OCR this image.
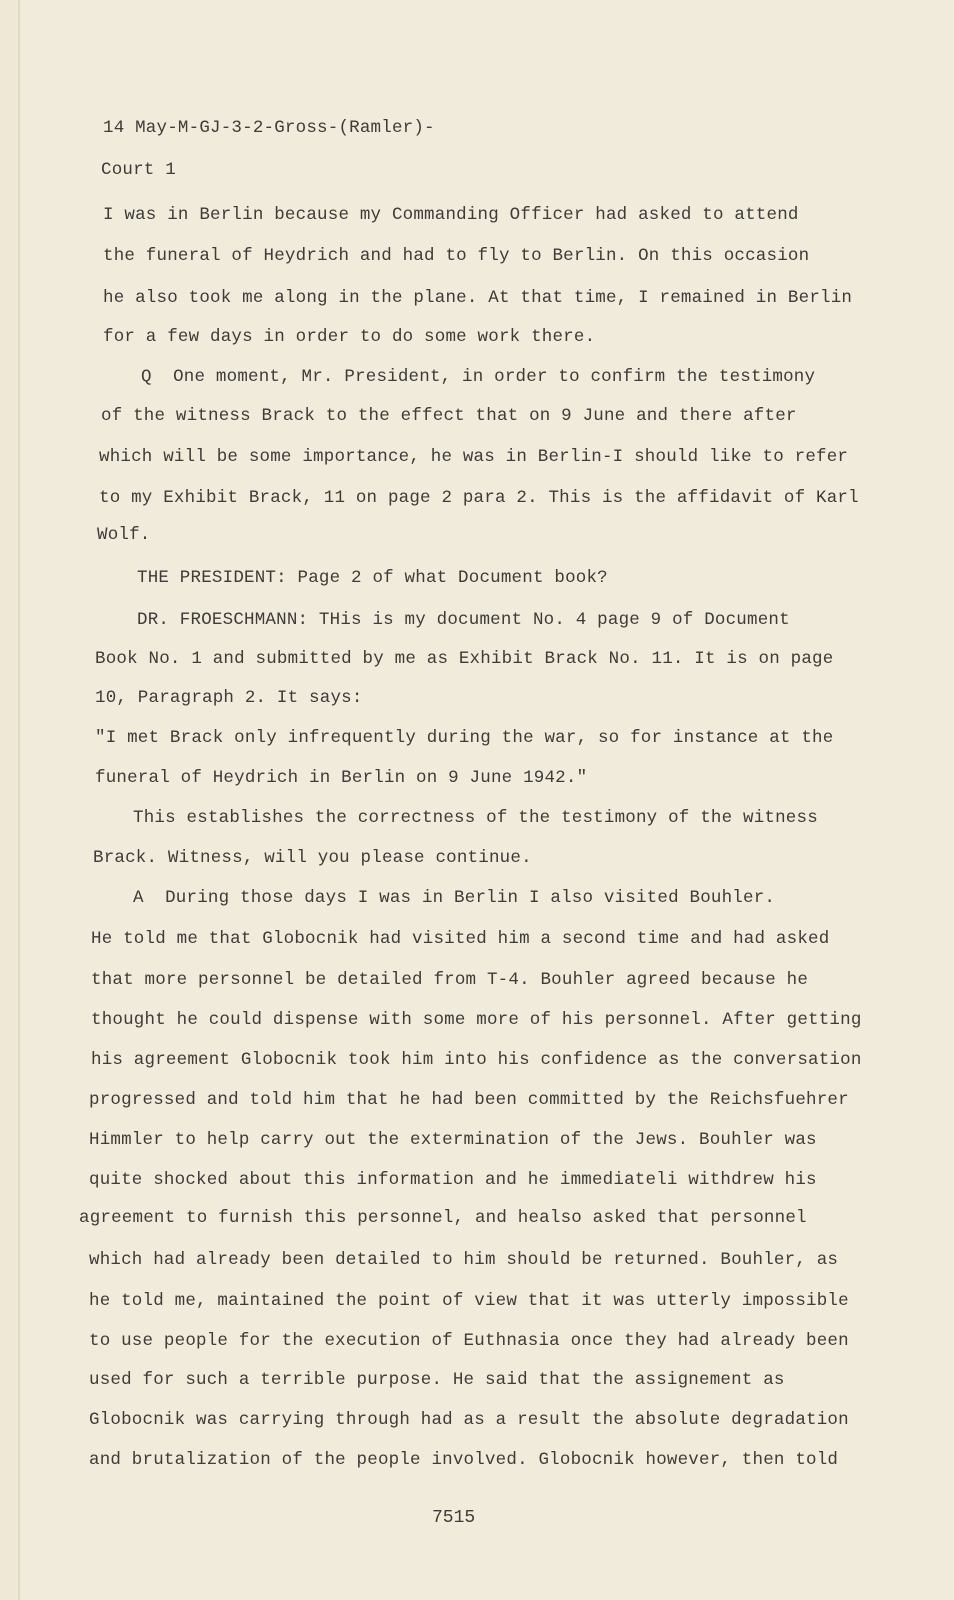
14 May-M-GJ-3-2-Gross-(Ramler)-
Court 1
I was in Berlin because my Commanding Officer had asked to attend
the funeral of Heydrich and had to fly to Berlin. On this occasion
he also took me along in the plane. At that time, I remained in Berlin
for a few days in order to do some work there.
Q  One moment, Mr. President, in order to confirm the testimony
of the witness Brack to the effect that on 9 June and there after
which will be some importance, he was in Berlin-I should like to refer
to my Exhibit Brack, 11 on page 2 para 2. This is the affidavit of Karl
Wolf.
THE PRESIDENT: Page 2 of what Document book?
DR. FROESCHMANN: THis is my document No. 4 page 9 of Document
Book No. 1 and submitted by me as Exhibit Brack No. 11. It is on page
10, Paragraph 2. It says:
"I met Brack only infrequently during the war, so for instance at the
funeral of Heydrich in Berlin on 9 June 1942."
This establishes the correctness of the testimony of the witness
Brack. Witness, will you please continue.
A  During those days I was in Berlin I also visited Bouhler.
He told me that Globocnik had visited him a second time and had asked
that more personnel be detailed from T-4. Bouhler agreed because he
thought he could dispense with some more of his personnel. After getting
his agreement Globocnik took him into his confidence as the conversation
progressed and told him that he had been committed by the Reichsfuehrer
Himmler to help carry out the extermination of the Jews. Bouhler was
quite shocked about this information and he immediateli withdrew his
agreement to furnish this personnel, and healso asked that personnel
which had already been detailed to him should be returned. Bouhler, as
he told me, maintained the point of view that it was utterly impossible
to use people for the execution of Euthnasia once they had already been
used for such a terrible purpose. He said that the assignement as
Globocnik was carrying through had as a result the absolute degradation
and brutalization of the people involved. Globocnik however, then told
7515
